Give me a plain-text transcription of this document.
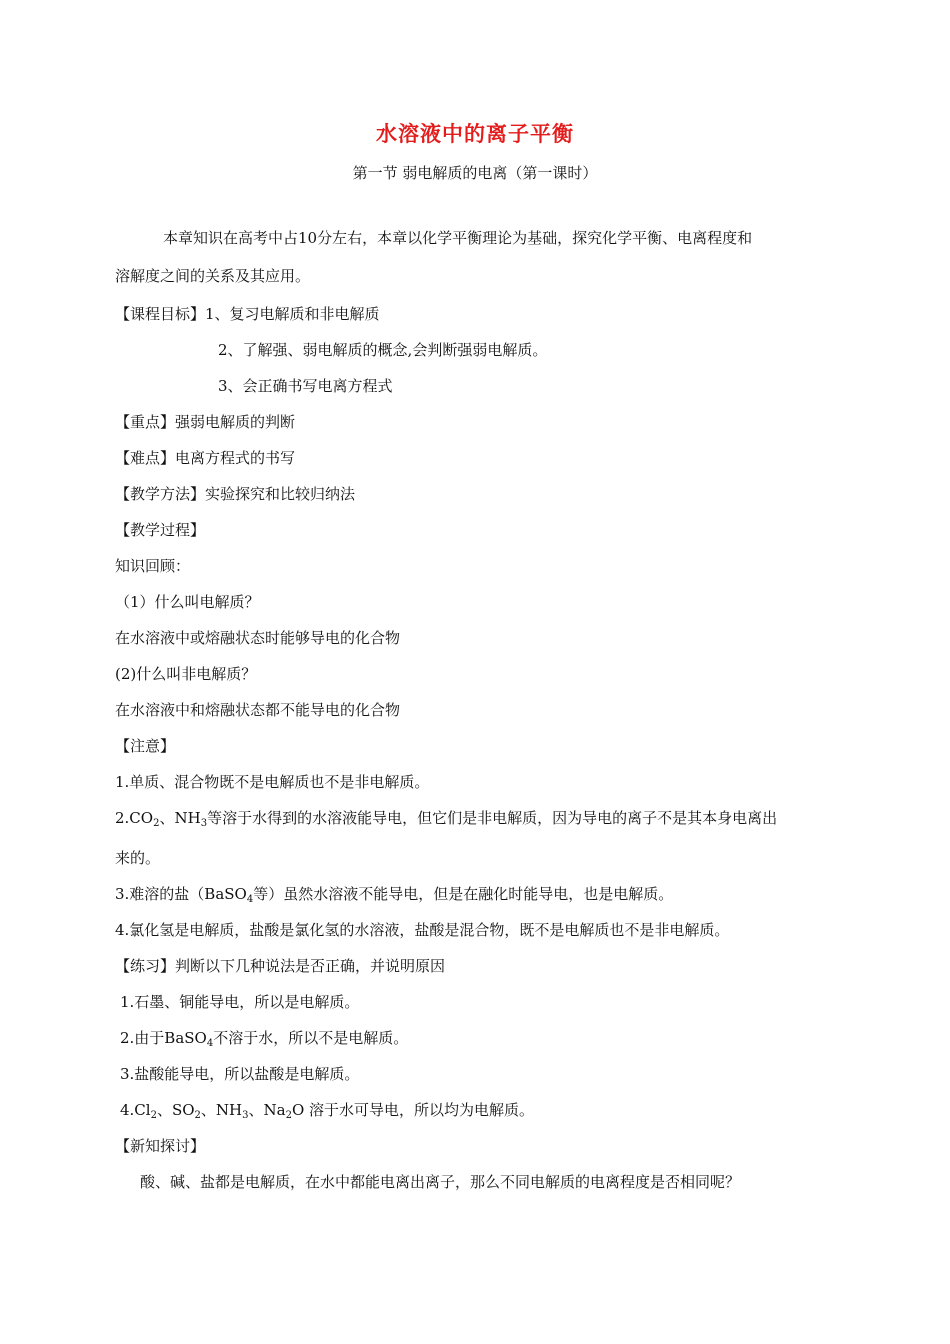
水溶液中的离子平衡
第一节 弱电解质的电离（第一课时）
本章知识在高考中占10分左右，本章以化学平衡理论为基础，探究化学平衡、电离程度和
溶解度之间的关系及其应用。
【课程目标】1、复习电解质和非电解质
2、了解强、弱电解质的概念,会判断强弱电解质。
3、会正确书写电离方程式
【重点】强弱电解质的判断
【难点】电离方程式的书写
【教学方法】实验探究和比较归纳法
【教学过程】
知识回顾：
（1）什么叫电解质？
在水溶液中或熔融状态时能够导电的化合物
(2)什么叫非电解质？
在水溶液中和熔融状态都不能导电的化合物
【注意】
1.单质、混合物既不是电解质也不是非电解质。
$2.CO_2$、$NH_3$等溶于水得到的水溶液能导电，但它们是非电解质，因为导电的离子不是其本身电离出
来的。
3.难溶的盐（BaSO$_4$等）虽然水溶液不能导电，但是在融化时能导电，也是电解质。
4.氯化氢是电解质，盐酸是氯化氢的水溶液，盐酸是混合物，既不是电解质也不是非电解质。
【练习】判断以下几种说法是否正确，并说明原因
1.石墨、铜能导电，所以是电解质。
2.由于BaSO$_4$不溶于水，所以不是电解质。
3.盐酸能导电，所以盐酸是电解质。
$4.Cl_2$、$SO_2$、$NH_3$、$Na_2O$ 溶于水可导电，所以均为电解质。
【新知探讨】
酸、碱、盐都是电解质，在水中都能电离出离子，那么不同电解质的电离程度是否相同呢？
